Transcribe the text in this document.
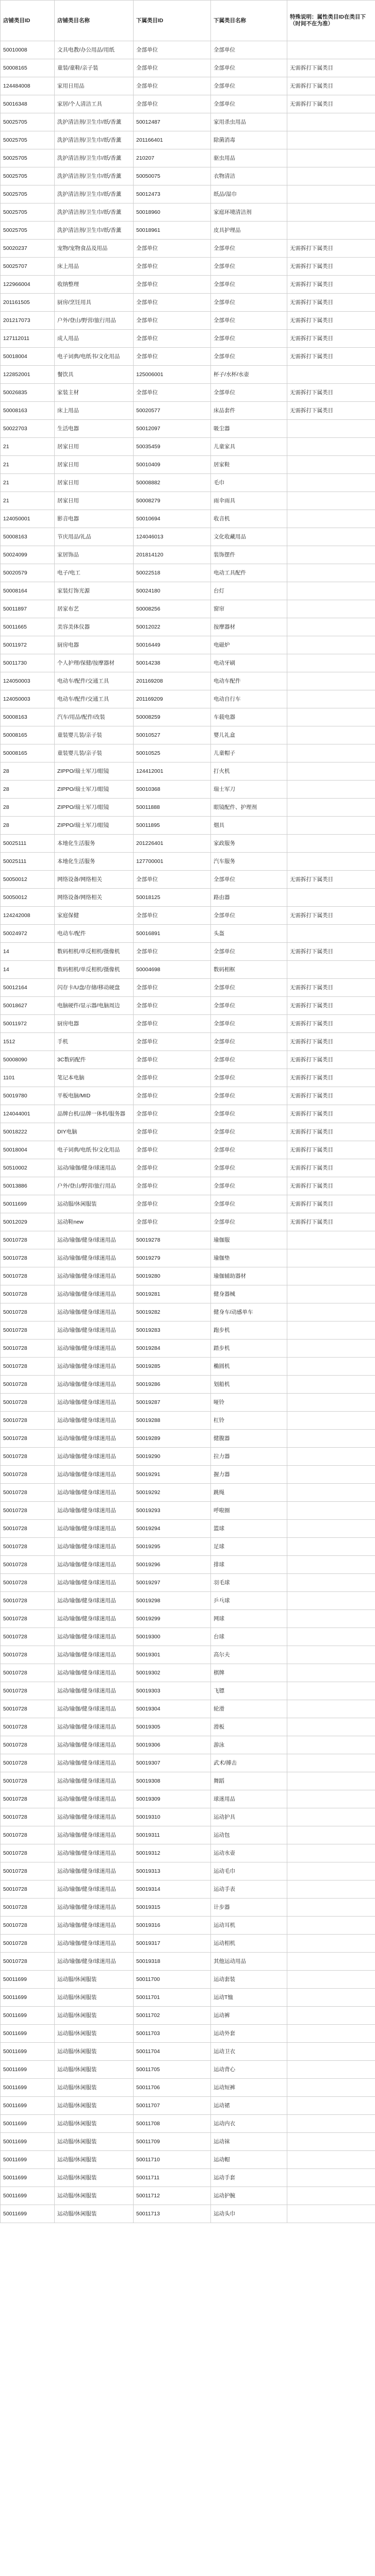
店铺类目ID	店铺类目名称	下属类目ID	下属类目名称	特殊说明：属性类目ID在类目下（时间不在为准）
50010008	文具电教/办公用品/用纸	全部单位	全部单位	
50008165	童装/童鞋/亲子装	全部单位	全部单位	无需拆打下属类目
124484008	家用日用品	全部单位	全部单位	无需拆打下属类目
50016348	家居/个人清洁工具	全部单位	全部单位	无需拆打下属类目
50025705	洗护清洁剂/卫生巾/纸/香薰	50012487	家用杀虫用品	
50025705	洗护清洁剂/卫生巾/纸/香薰	201166401	除菌消毒	
50025705	洗护清洁剂/卫生巾/纸/香薰	210207	驱虫用品	
50025705	洗护清洁剂/卫生巾/纸/香薰	50050075	衣物清洁	
50025705	洗护清洁剂/卫生巾/纸/香薰	50012473	纸品/湿巾	
50025705	洗护清洁剂/卫生巾/纸/香薰	50018960	家庭环境清洁剂	
50025705	洗护清洁剂/卫生巾/纸/香薰	50018961	皮具护理品	
50020237	宠物/宠物食品及用品	全部单位	全部单位	无需拆打下属类目
50025707	床上用品	全部单位	全部单位	无需拆打下属类目
122966004	收纳整理	全部单位	全部单位	无需拆打下属类目
201161505	厨房/烹饪用具	全部单位	全部单位	无需拆打下属类目
201217073	户外/登山/野营/旅行用品	全部单位	全部单位	无需拆打下属类目
127112011	成人用品	全部单位	全部单位	无需拆打下属类目
50018004	电子词典/电纸书/文化用品	全部单位	全部单位	无需拆打下属类目
122852001	餐饮具	125006001	杯子/水杯/水壶	
50026835	家装主材	全部单位	全部单位	无需拆打下属类目
50008163	床上用品	50020577	床品套件	无需拆打下属类目
50022703	生活电器	50012097	吸尘器	
21	居家日用	50035459	儿童家具	
21	居家日用	50010409	居家鞋	
21	居家日用	50008882	毛巾	
21	居家日用	50008279	雨伞雨具	
124050001	影音电器	50010694	收音机	
50008163	节庆用品/礼品	124046013	文化收藏用品	
50024099	家居饰品	201814120	装饰摆件	
50020579	电子/电工	50022518	电动工具配件	
50008164	家装灯饰光源	50024180	台灯	
50011897	居家布艺	50008256	窗帘	
50011665	美容美体仪器	50012022	按摩器材	
50011972	厨房电器	50016449	电磁炉	
50011730	个人护理/保健/按摩器材	50014238	电动牙刷	
124050003	电动车/配件/交通工具	201169208	电动车配件	
124050003	电动车/配件/交通工具	201169209	电动自行车	
50008163	汽车/用品/配件/改装	50008259	车载电器	
50008165	童装婴儿装/亲子装	50010527	婴儿礼盒	
50008165	童装婴儿装/亲子装	50010525	儿童帽子	
28	ZIPPO/瑞士军刀/眼镜	124412001	打火机	
28	ZIPPO/瑞士军刀/眼镜	50010368	瑞士军刀	
28	ZIPPO/瑞士军刀/眼镜	50011888	眼镜配件、护理剂	
28	ZIPPO/瑞士军刀/眼镜	50011895	烟具	
50025111	本地化生活服务	201226401	家政服务	
50025111	本地化生活服务	127700001	汽车服务	
50050012	网络设备/网络相关	全部单位	全部单位	无需拆打下属类目
50050012	网络设备/网络相关	50018125	路由器	
124242008	家庭保健	全部单位	全部单位	无需拆打下属类目
50024972	电动车/配件	50016891	头盔	
14	数码相机/单反相机/摄像机	全部单位	全部单位	无需拆打下属类目
14	数码相机/单反相机/摄像机	50004698	数码相框	
50012164	闪存卡/U盘/存储/移动硬盘	全部单位	全部单位	无需拆打下属类目
50018627	电脑硬件/显示器/电脑周边	全部单位	全部单位	无需拆打下属类目
50011972	厨房电器	全部单位	全部单位	无需拆打下属类目
1512	手机	全部单位	全部单位	无需拆打下属类目
50008090	3C数码配件	全部单位	全部单位	无需拆打下属类目
1101	笔记本电脑	全部单位	全部单位	无需拆打下属类目
50019780	平板电脑/MID	全部单位	全部单位	无需拆打下属类目
124044001	品牌台机/品牌一体机/服务器	全部单位	全部单位	无需拆打下属类目
50018222	DIY电脑	全部单位	全部单位	无需拆打下属类目
50018004	电子词典/电纸书/文化用品	全部单位	全部单位	无需拆打下属类目
50510002	运动/瑜伽/健身/球迷用品	全部单位	全部单位	无需拆打下属类目
50013886	户外/登山/野营/旅行用品	全部单位	全部单位	无需拆打下属类目
50011699	运动服/休闲服装	全部单位	全部单位	无需拆打下属类目
50012029	运动鞋new	全部单位	全部单位	无需拆打下属类目
50010728	运动/瑜伽/健身/球迷用品	50019278	瑜伽服	
50010728	运动/瑜伽/健身/球迷用品	50019279	瑜伽垫	
50010728	运动/瑜伽/健身/球迷用品	50019280	瑜伽辅助器材	
50010728	运动/瑜伽/健身/球迷用品	50019281	健身器械	
50010728	运动/瑜伽/健身/球迷用品	50019282	健身车/动感单车	
50010728	运动/瑜伽/健身/球迷用品	50019283	跑步机	
50010728	运动/瑜伽/健身/球迷用品	50019284	踏步机	
50010728	运动/瑜伽/健身/球迷用品	50019285	椭圆机	
50010728	运动/瑜伽/健身/球迷用品	50019286	划船机	
50010728	运动/瑜伽/健身/球迷用品	50019287	哑铃	
50010728	运动/瑜伽/健身/球迷用品	50019288	杠铃	
50010728	运动/瑜伽/健身/球迷用品	50019289	健腹器	
50010728	运动/瑜伽/健身/球迷用品	50019290	拉力器	
50010728	运动/瑜伽/健身/球迷用品	50019291	握力器	
50010728	运动/瑜伽/健身/球迷用品	50019292	跳绳	
50010728	运动/瑜伽/健身/球迷用品	50019293	呼啦圈	
50010728	运动/瑜伽/健身/球迷用品	50019294	篮球	
50010728	运动/瑜伽/健身/球迷用品	50019295	足球	
50010728	运动/瑜伽/健身/球迷用品	50019296	排球	
50010728	运动/瑜伽/健身/球迷用品	50019297	羽毛球	
50010728	运动/瑜伽/健身/球迷用品	50019298	乒乓球	
50010728	运动/瑜伽/健身/球迷用品	50019299	网球	
50010728	运动/瑜伽/健身/球迷用品	50019300	台球	
50010728	运动/瑜伽/健身/球迷用品	50019301	高尔夫	
50010728	运动/瑜伽/健身/球迷用品	50019302	棋牌	
50010728	运动/瑜伽/健身/球迷用品	50019303	飞镖	
50010728	运动/瑜伽/健身/球迷用品	50019304	轮滑	
50010728	运动/瑜伽/健身/球迷用品	50019305	滑板	
50010728	运动/瑜伽/健身/球迷用品	50019306	游泳	
50010728	运动/瑜伽/健身/球迷用品	50019307	武术/搏击	
50010728	运动/瑜伽/健身/球迷用品	50019308	舞蹈	
50010728	运动/瑜伽/健身/球迷用品	50019309	球迷用品	
50010728	运动/瑜伽/健身/球迷用品	50019310	运动护具	
50010728	运动/瑜伽/健身/球迷用品	50019311	运动包	
50010728	运动/瑜伽/健身/球迷用品	50019312	运动水壶	
50010728	运动/瑜伽/健身/球迷用品	50019313	运动毛巾	
50010728	运动/瑜伽/健身/球迷用品	50019314	运动手表	
50010728	运动/瑜伽/健身/球迷用品	50019315	计步器	
50010728	运动/瑜伽/健身/球迷用品	50019316	运动耳机	
50010728	运动/瑜伽/健身/球迷用品	50019317	运动相机	
50010728	运动/瑜伽/健身/球迷用品	50019318	其他运动用品	
50011699	运动服/休闲服装	50011700	运动套装	
50011699	运动服/休闲服装	50011701	运动T恤	
50011699	运动服/休闲服装	50011702	运动裤	
50011699	运动服/休闲服装	50011703	运动外套	
50011699	运动服/休闲服装	50011704	运动卫衣	
50011699	运动服/休闲服装	50011705	运动背心	
50011699	运动服/休闲服装	50011706	运动短裤	
50011699	运动服/休闲服装	50011707	运动裙	
50011699	运动服/休闲服装	50011708	运动内衣	
50011699	运动服/休闲服装	50011709	运动袜	
50011699	运动服/休闲服装	50011710	运动帽	
50011699	运动服/休闲服装	50011711	运动手套	
50011699	运动服/休闲服装	50011712	运动护腕	
50011699	运动服/休闲服装	50011713	运动头巾	
